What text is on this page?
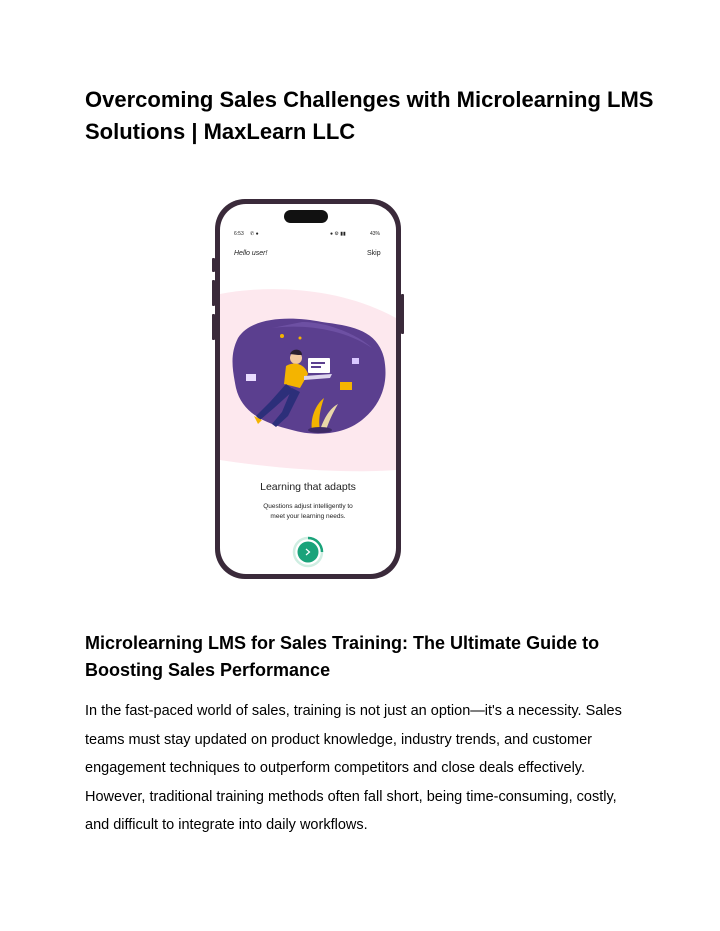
Overcoming Sales Challenges with Microlearning LMS Solutions | MaxLearn LLC
6:53 ✆ ●	● ⚙ ▮▮	43%
Hello user!	Skip
Learning that adapts
Questions adjust intelligently to
meet your learning needs.
Microlearning LMS for Sales Training: The Ultimate Guide to Boosting Sales Performance

In the fast-paced world of sales, training is not just an option—it's a necessity. Sales teams must stay updated on product knowledge, industry trends, and customer engagement techniques to outperform competitors and close deals effectively. However, traditional training methods often fall short, being time-consuming, costly, and difficult to integrate into daily workflows.
